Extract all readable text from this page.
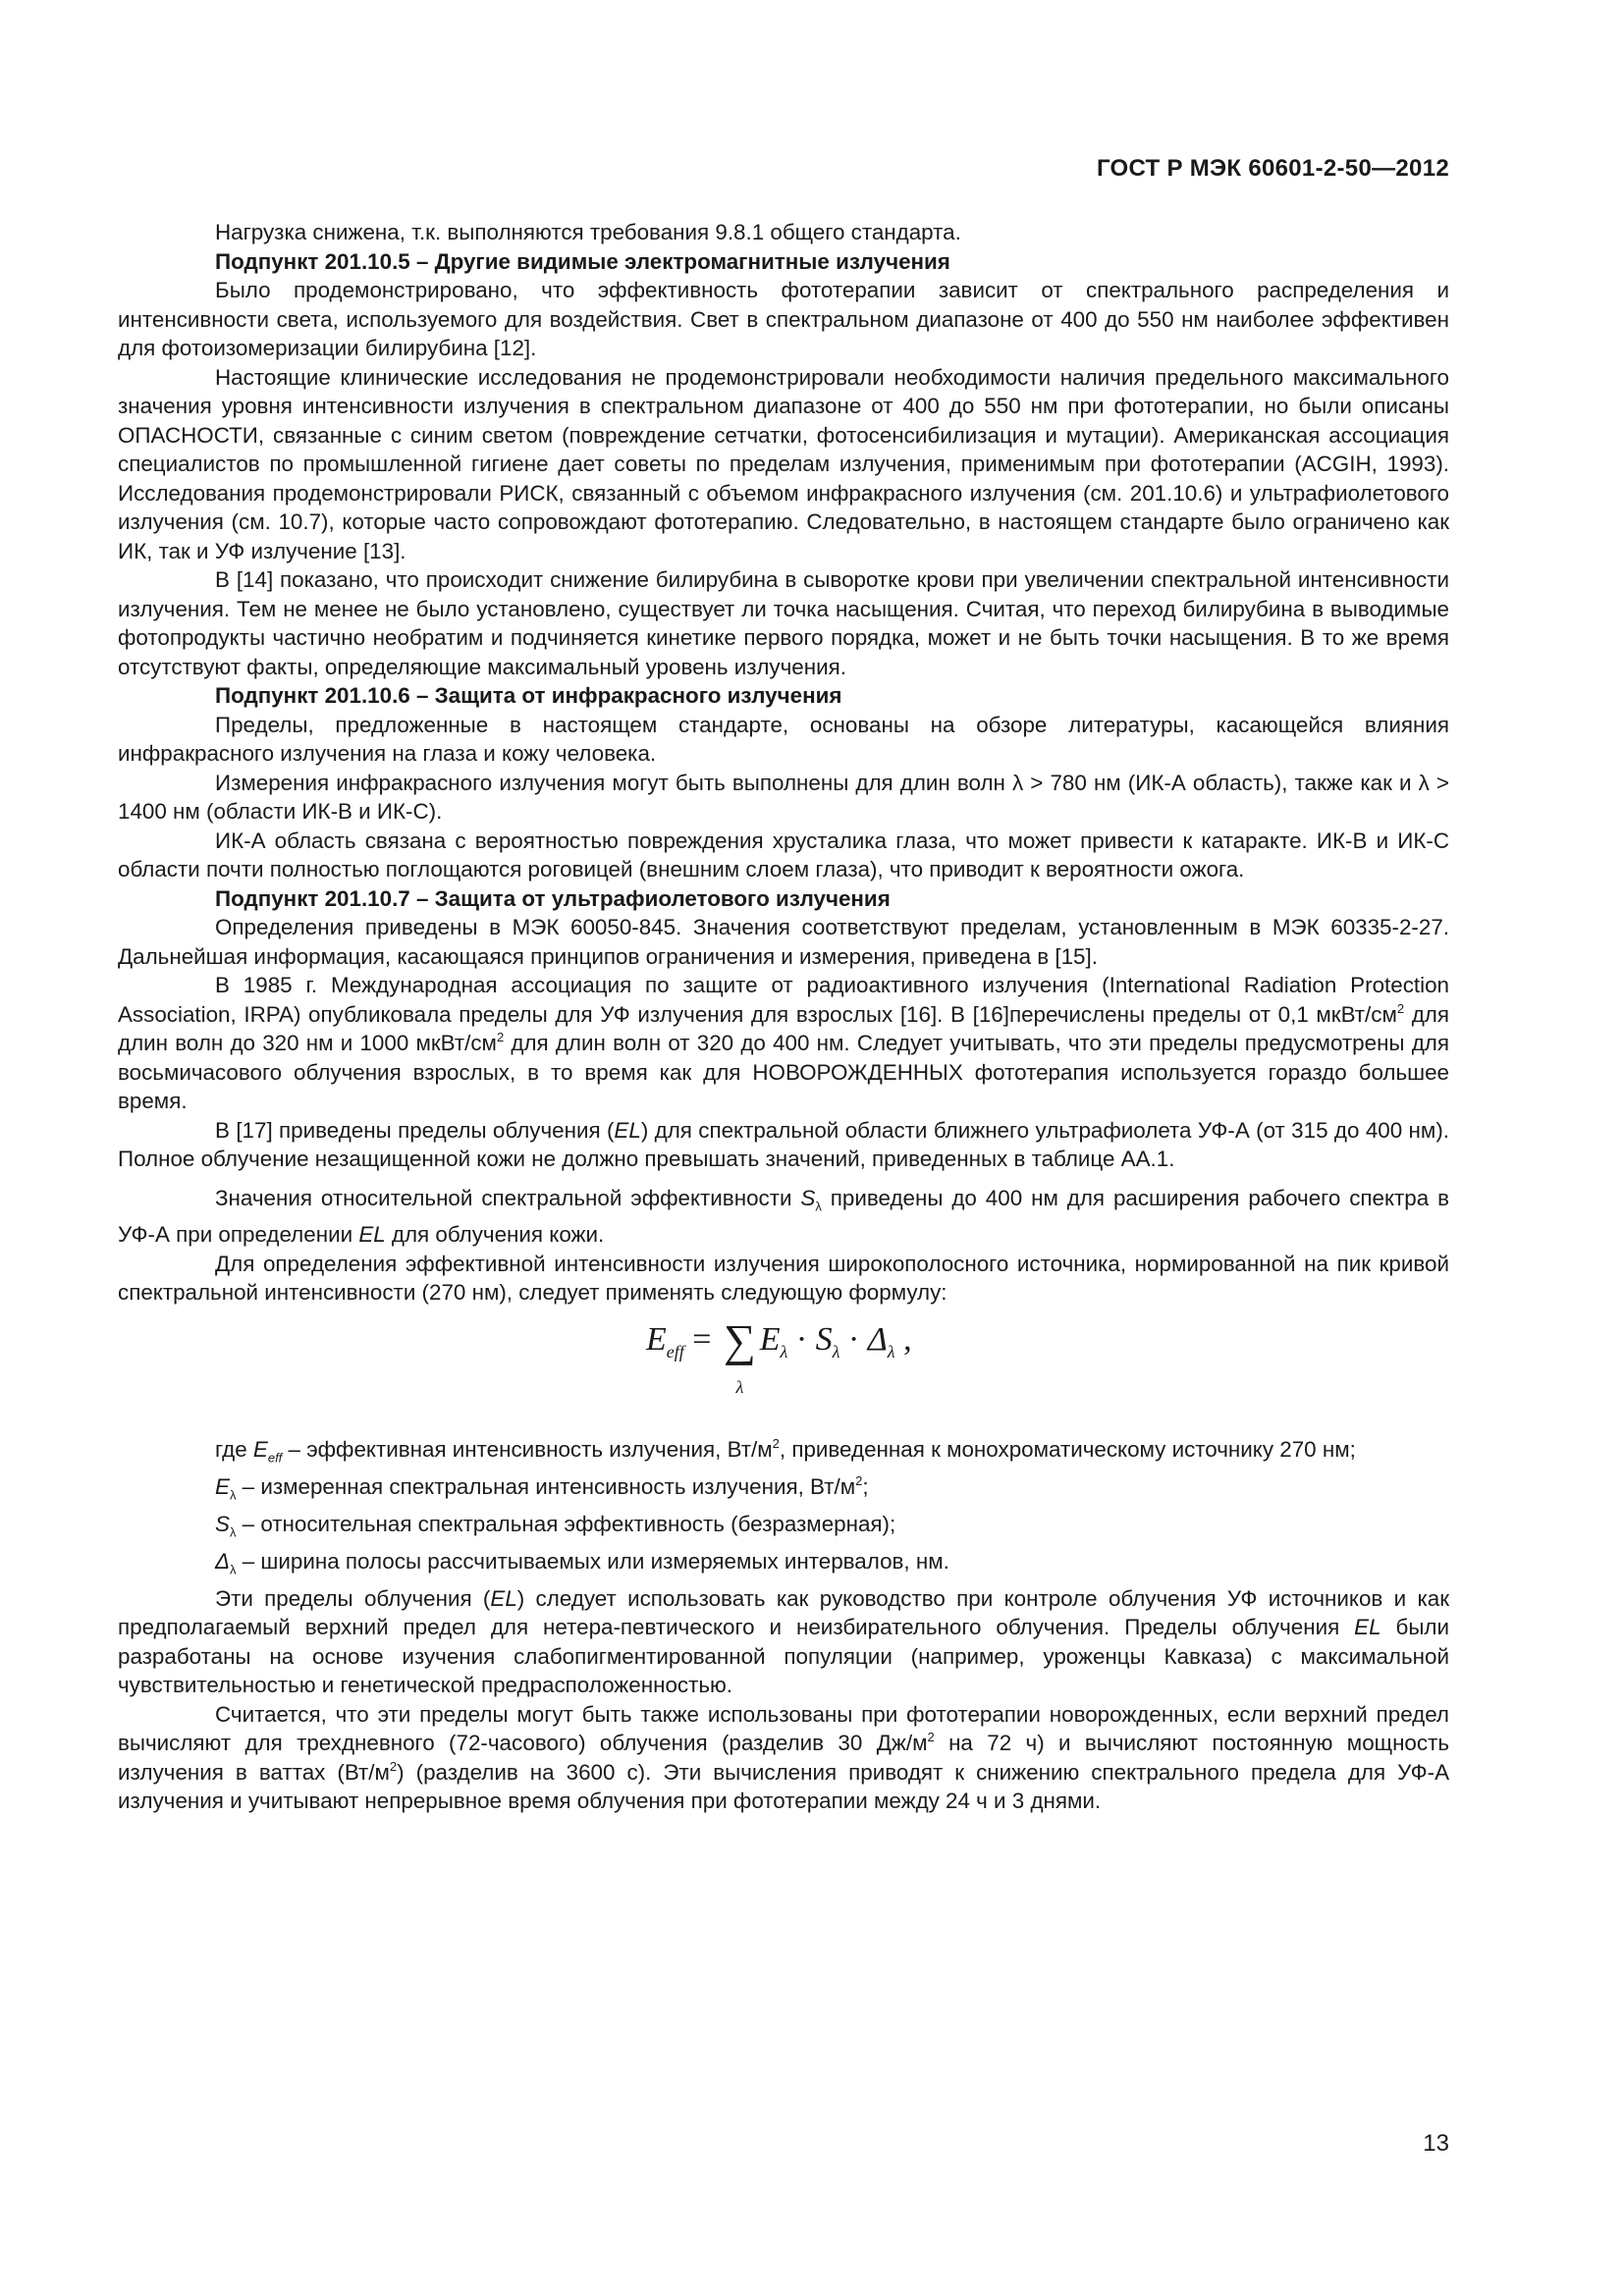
ГОСТ Р МЭК 60601-2-50—2012

Нагрузка снижена, т.к. выполняются требования 9.8.1 общего стандарта.

Подпункт 201.10.5 – Другие видимые электромагнитные излучения

Было продемонстрировано, что эффективность фототерапии зависит от спектрального распределения и интенсивности света, используемого для воздействия. Свет в спектральном диапазоне от 400 до 550 нм наиболее эффективен для фотоизомеризации билирубина [12].

Настоящие клинические исследования не продемонстрировали необходимости наличия предельного максимального значения уровня интенсивности излучения в спектральном диапазоне от 400 до 550 нм при фототерапии, но были описаны ОПАСНОСТИ, связанные с синим светом (повреждение сетчатки, фотосенсибилизация и мутации). Американская ассоциация специалистов по промышленной гигиене дает советы по пределам излучения, применимым при фототерапии (ACGIH, 1993). Исследования продемонстрировали РИСК, связанный с объемом инфракрасного излучения (см. 201.10.6) и ультрафиолетового излучения (см. 10.7), которые часто сопровождают фототерапию. Следовательно, в настоящем стандарте было ограничено как ИК, так и УФ излучение [13].

В [14] показано, что происходит снижение билирубина в сыворотке крови при увеличении спектральной интенсивности излучения. Тем не менее не было установлено, существует ли точка насыщения. Считая, что переход билирубина в выводимые фотопродукты частично необратим и подчиняется кинетике первого порядка, может и не быть точки насыщения. В то же время отсутствуют факты, определяющие максимальный уровень излучения.

Подпункт 201.10.6 – Защита от инфракрасного излучения

Пределы, предложенные в настоящем стандарте, основаны на обзоре литературы, касающейся влияния инфракрасного излучения на глаза и кожу человека.

Измерения инфракрасного излучения могут быть выполнены для длин волн λ > 780 нм (ИК-А область), также как и λ > 1400 нм (области ИК-В и ИК-С).

ИК-А область связана с вероятностью повреждения хрусталика глаза, что может привести к катаракте. ИК-В и ИК-С области почти полностью поглощаются роговицей (внешним слоем глаза), что приводит к вероятности ожога.

Подпункт 201.10.7 – Защита от ультрафиолетового излучения

Определения приведены в МЭК 60050-845. Значения соответствуют пределам, установленным в МЭК 60335-2-27. Дальнейшая информация, касающаяся принципов ограничения и измерения, приведена в [15].

В 1985 г. Международная ассоциация по защите от радиоактивного излучения (International Radiation Protection Association, IRPA) опубликовала пределы для УФ излучения для взрослых [16]. В [16]перечислены пределы от 0,1 мкВт/$см^2$ для длин волн до 320 нм и 1000 мкВт/$см^2$ для длин волн от 320 до 400 нм. Следует учитывать, что эти пределы предусмотрены для восьмичасового облучения взрослых, в то время как для НОВОРОЖДЕННЫХ фототерапия используется гораздо большее время.

В [17] приведены пределы облучения (EL) для спектральной области ближнего ультрафиолета УФ-А (от 315 до 400 нм). Полное облучение незащищенной кожи не должно превышать значений, приведенных в таблице АА.1.

Значения относительной спектральной эффективности $S_\lambda$ приведены до 400 нм для расширения рабочего спектра в УФ-А при определении EL для облучения кожи.

Для определения эффективной интенсивности излучения широкополосного источника, нормированной на пик кривой спектральной интенсивности (270 нм), следует применять следующую формулу:

$E_{eff}$ = ∑
λ
$E_\lambda \cdot S_\lambda \cdot \Delta_\lambda$ ,

где $E_{eff}$ – эффективная интенсивность излучения, $Вт/м^2$, приведенная к монохроматическому источнику 270 нм;

$E_\lambda$ – измеренная спектральная интенсивность излучения, $Вт/м^2$;

$S_\lambda$ – относительная спектральная эффективность (безразмерная);

$\Delta_\lambda$ – ширина полосы рассчитываемых или измеряемых интервалов, нм.

Эти пределы облучения (EL) следует использовать как руководство при контроле облучения УФ источников и как предполагаемый верхний предел для нетера-певтического и неизбирательного облучения. Пределы облучения EL были разработаны на основе изучения слабопигментированной популяции (например, уроженцы Кавказа) с максимальной чувствительностью и генетической предрасположенностью.

Считается, что эти пределы могут быть также использованы при фототерапии новорожденных, если верхний предел вычисляют для трехдневного (72-часового) облучения (разделив 30 $Дж/м^2$ на 72 ч) и вычисляют постоянную мощность излучения в ваттах $(Вт/м^2)$ (разделив на 3600 с). Эти вычисления приводят к снижению спектрального предела для УФ-А излучения и учитывают непрерывное время облучения при фототерапии между 24 ч и 3 днями.

13
